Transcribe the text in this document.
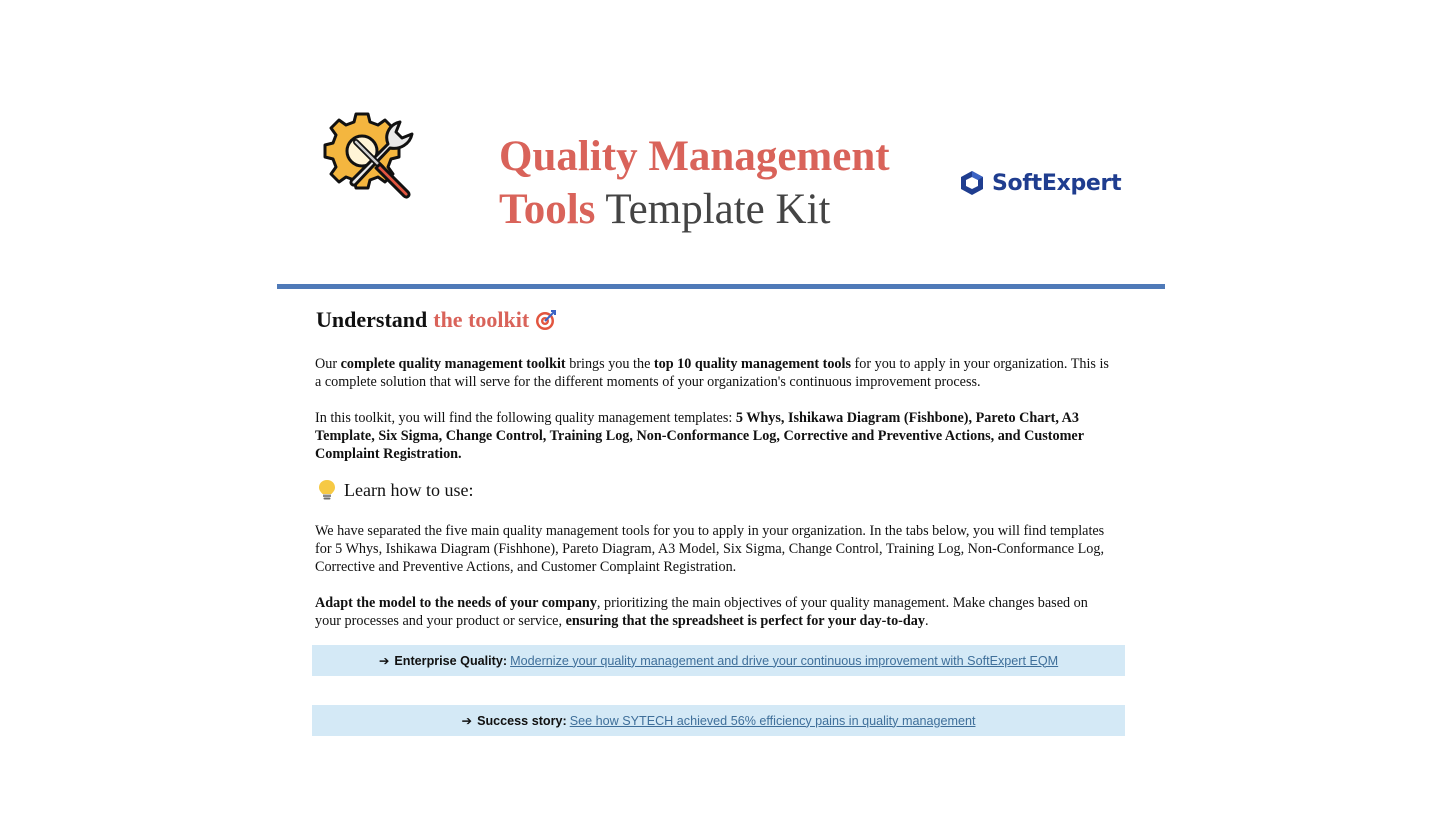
Quality Management
Tools Template Kit
SoftExpert
Understand the toolkit
Our complete quality management toolkit brings you the top 10 quality management tools for you to apply in your organization. This is a complete solution that will serve for the different moments of your organization's continuous improvement process.
In this toolkit, you will find the following quality management templates: 5 Whys, Ishikawa Diagram (Fishbone), Pareto Chart, A3 Template, Six Sigma, Change Control, Training Log, Non-Conformance Log, Corrective and Preventive Actions, and Customer Complaint Registration.
Learn how to use:
We have separated the five main quality management tools for you to apply in your organization. In the tabs below, you will find templates for 5 Whys, Ishikawa Diagram (Fishhone), Pareto Diagram, A3 Model, Six Sigma, Change Control, Training Log, Non-Conformance Log, Corrective and Preventive Actions, and Customer Complaint Registration.
Adapt the model to the needs of your company, prioritizing the main objectives of your quality management. Make changes based on your processes and your product or service, ensuring that the spreadsheet is perfect for your day-to-day.
➔ Enterprise Quality: Modernize your quality management and drive your continuous improvement with SoftExpert EQM
➔ Success story: See how SYTECH achieved 56% efficiency pains in quality management
